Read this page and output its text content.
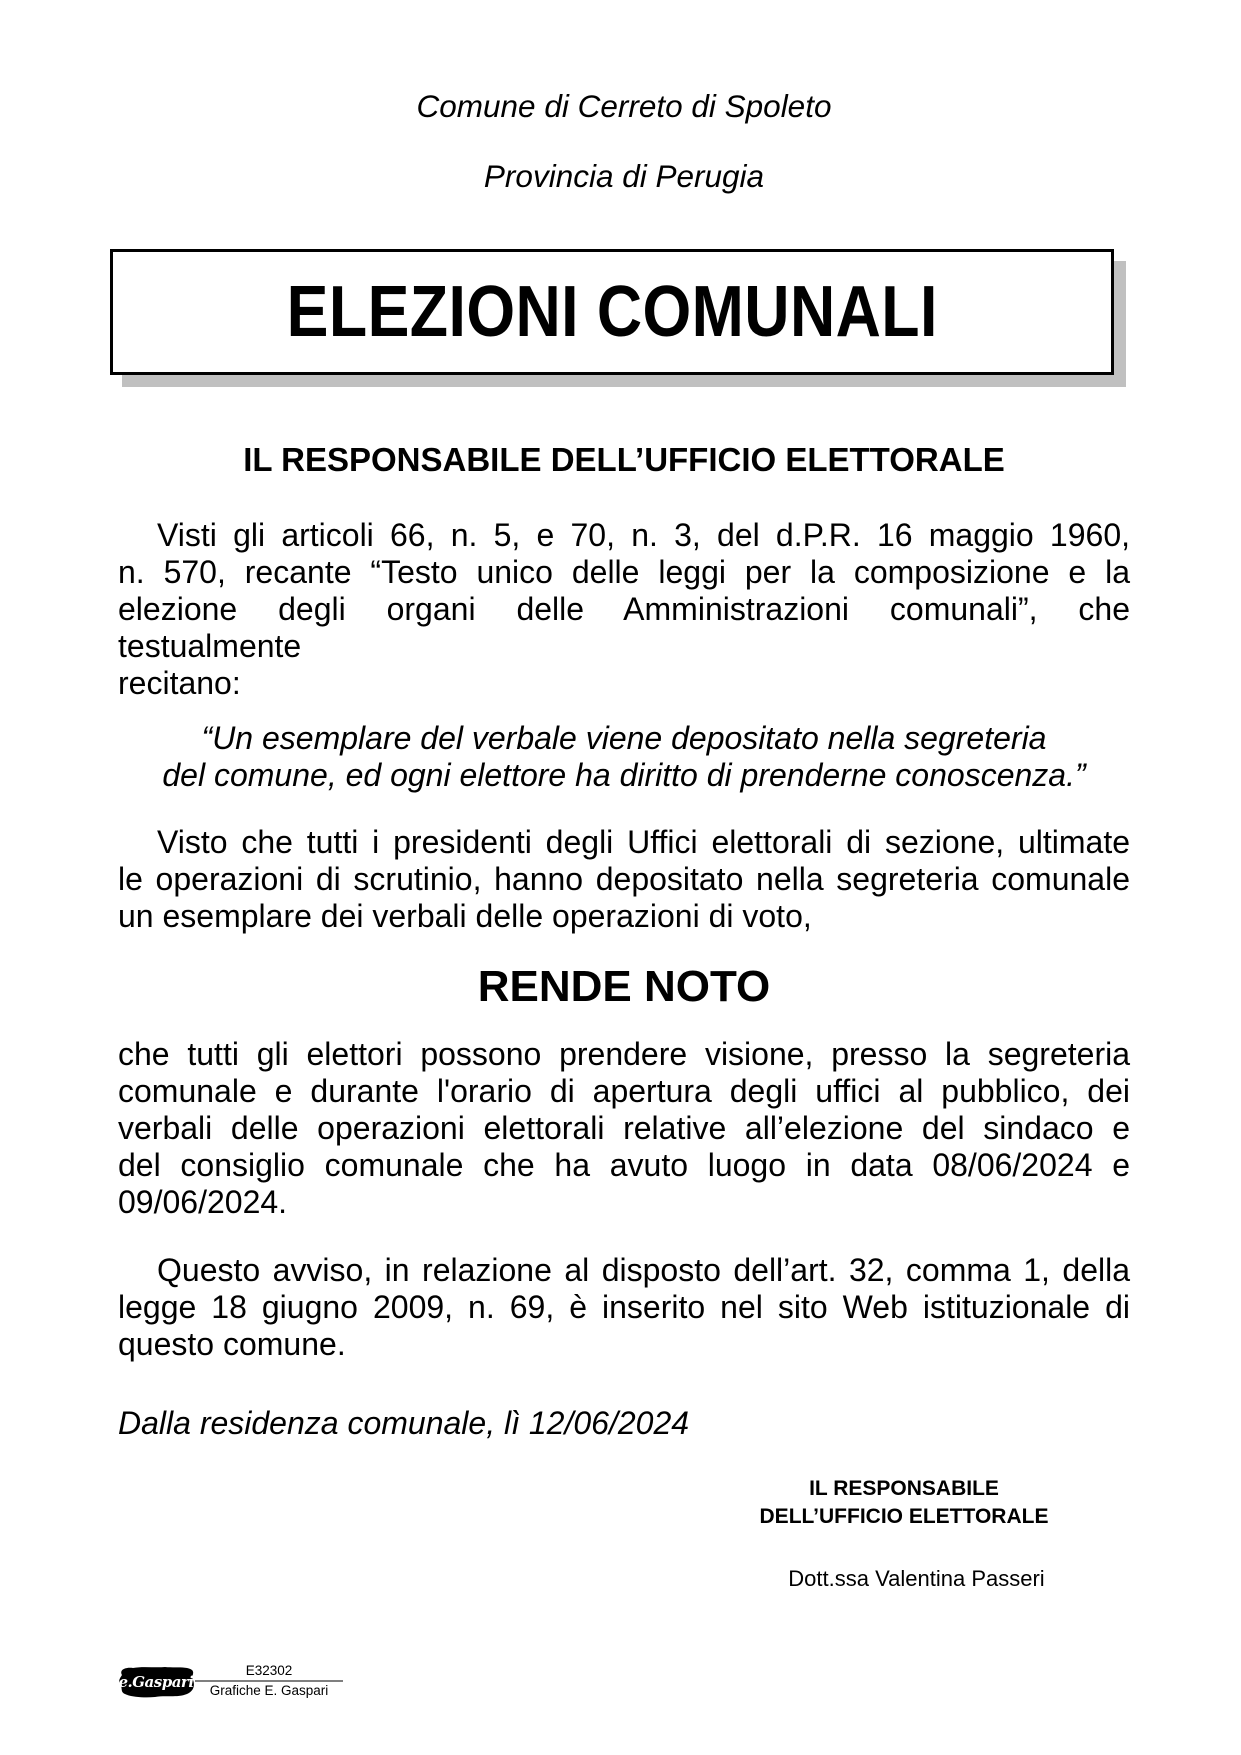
Comune di Cerreto di Spoleto
Provincia di Perugia
ELEZIONI COMUNALI
IL RESPONSABILE DELL’UFFICIO ELETTORALE
Visti gli articoli 66, n. 5, e 70, n. 3, del d.P.R. 16 maggio 1960,
n. 570, recante “Testo unico delle leggi per la composizione e la
elezione degli organi delle Amministrazioni comunali”, che testualmente
recitano:
“Un esemplare del verbale viene depositato nella segreteria
del comune, ed ogni elettore ha diritto di prenderne conoscenza.”
Visto che tutti i presidenti degli Uffici elettorali di sezione, ultimate
le operazioni di scrutinio, hanno depositato nella segreteria comunale
un esemplare dei verbali delle operazioni di voto,
RENDE NOTO
che tutti gli elettori possono prendere visione, presso la segreteria
comunale e durante l'orario di apertura degli uffici al pubblico, dei
verbali delle operazioni elettorali relative all’elezione del sindaco e
del consiglio comunale che ha avuto luogo in data 08/06/2024 e
09/06/2024.
Questo avviso, in relazione al disposto dell’art. 32, comma 1, della
legge 18 giugno 2009, n. 69, è inserito nel sito Web istituzionale di
questo comune.
Dalla residenza comunale, lì 12/06/2024
IL RESPONSABILE
DELL’UFFICIO ELETTORALE
Dott.ssa Valentina Passeri
e.Gaspari
E32302
Grafiche E. Gaspari
